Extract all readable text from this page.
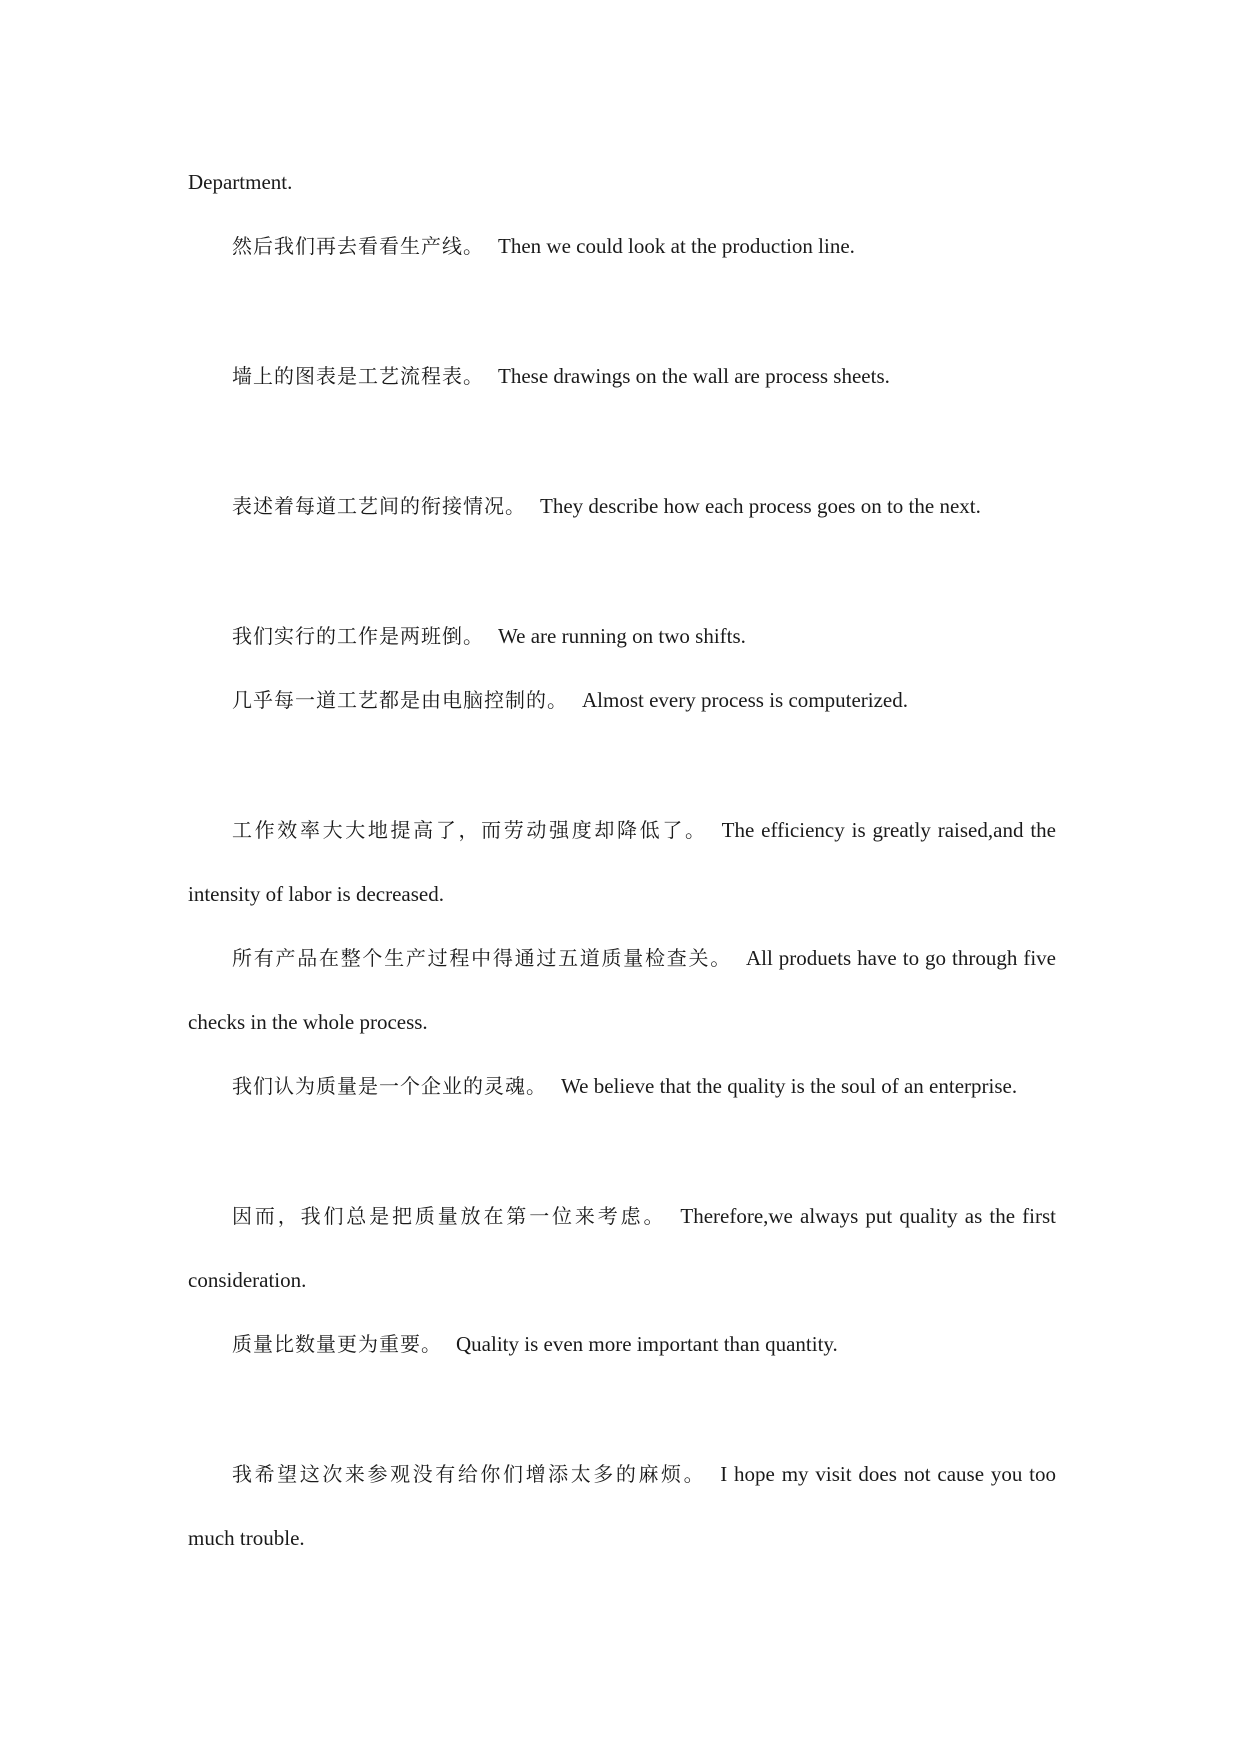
Department.

然后我们再去看看生产线。 Then we could look at the production line.

墙上的图表是工艺流程表。 These drawings on the wall are process sheets.

表述着每道工艺间的衔接情况。 They describe how each process goes on to the next.

我们实行的工作是两班倒。 We are running on two shifts.

几乎每一道工艺都是由电脑控制的。 Almost every process is computerized.

工作效率大大地提高了，而劳动强度却降低了。 The efficiency is greatly raised,and the intensity of labor is decreased.

所有产品在整个生产过程中得通过五道质量检查关。 All produets have to go through five checks in the whole process.

我们认为质量是一个企业的灵魂。 We believe that the quality is the soul of an enterprise.

因而，我们总是把质量放在第一位来考虑。 Therefore,we always put quality as the first consideration.

质量比数量更为重要。 Quality is even more important than quantity.

我希望这次来参观没有给你们增添太多的麻烦。 I hope my visit does not cause you too much trouble.
